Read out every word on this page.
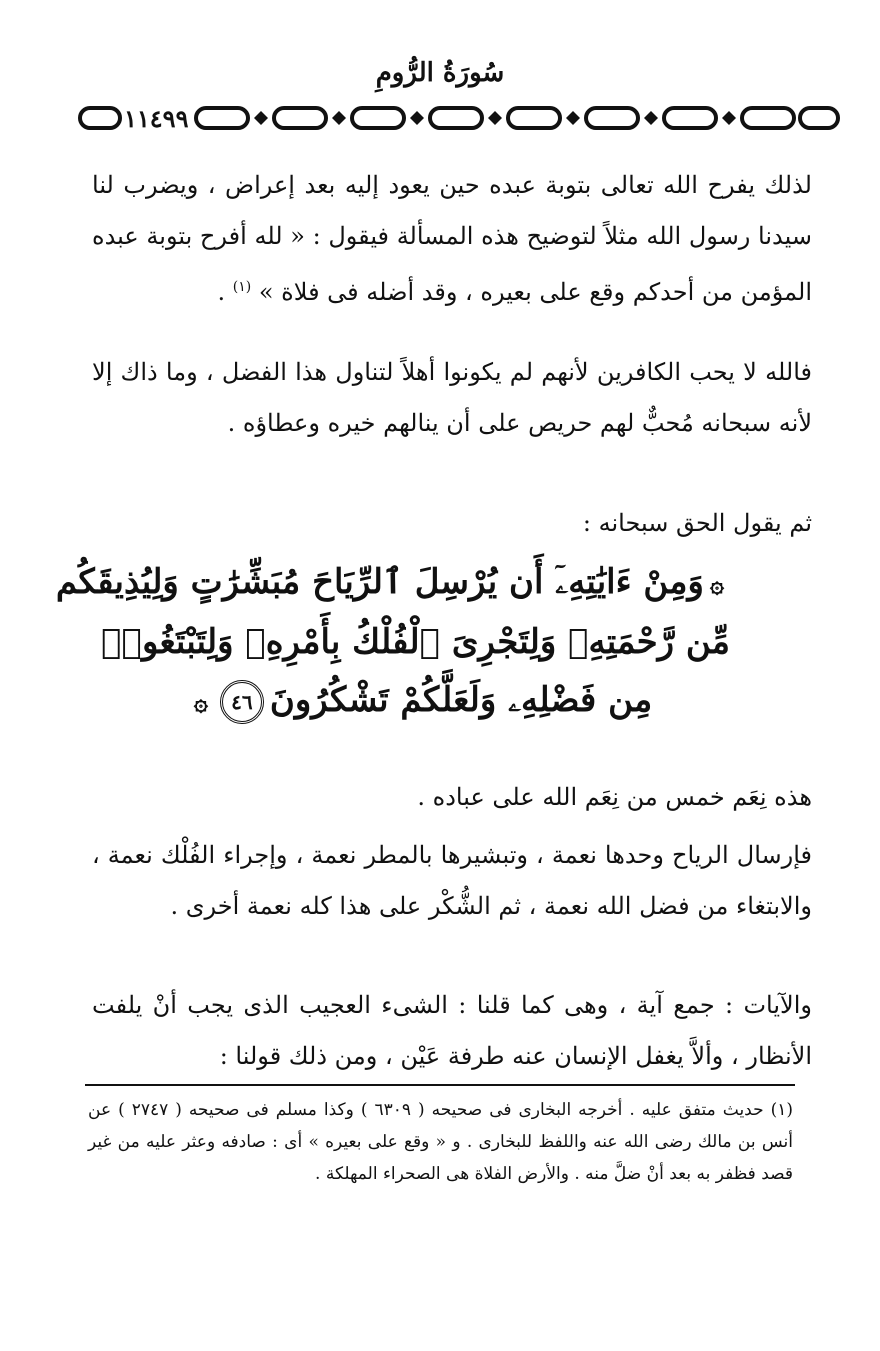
سُورَةُ الرُّومِ
١١٤٩٩

لذلك يفرح الله تعالى بتوبة عبده حين يعود إليه بعد إعراض ، ويضرب لنا سيدنا رسول الله مثلاً لتوضيح هذه المسألة فيقول : « لله أفرح بتوبة عبده المؤمن من أحدكم وقع على بعيره ، وقد أضله فى فلاة » $^{(١)}$ .

فالله لا يحب الكافرين لأنهم لم يكونوا أهلاً لتناول هذا الفضل ، وما ذاك إلا لأنه سبحانه مُحبٌّ لهم حريص على أن ينالهم خيره وعطاؤه .

ثم يقول الحق سبحانه :

۞وَمِنْ ءَايَٰتِهِۦٓ أَن يُرْسِلَ ٱلرِّيَاحَ مُبَشِّرَٰتٍ وَلِيُذِيقَكُم
مِّن رَّحْمَتِهِۦ وَلِتَجْرِىَ ٱلْفُلْكُ بِأَمْرِهِۦ وَلِتَبْتَغُوا۟
مِن فَضْلِهِۦ وَلَعَلَّكُمْ تَشْكُرُونَ٤٦۞

هذه نِعَم خمس من نِعَم الله على عباده .

فإرسال الرياح وحدها نعمة ، وتبشيرها بالمطر نعمة ، وإجراء الفُلْك نعمة ، والابتغاء من فضل الله نعمة ، ثم الشُّكْر على هذا كله نعمة أخرى .

والآيات : جمع آية ، وهى كما قلنا : الشىء العجيب الذى يجب أنْ يلفت الأنظار ، وألاَّ يغفل الإنسان عنه طرفة عَيْن ، ومن ذلك قولنا :

(١) حديث متفق عليه . أخرجه البخارى فى صحيحه ( ٦٣٠٩ ) وكذا مسلم فى صحيحه ( ٢٧٤٧ ) عن أنس بن مالك رضى الله عنه واللفظ للبخارى . و « وقع على بعيره » أى : صادفه وعثر عليه من غير قصد فظفر به بعد أنْ ضلَّ منه . والأرض الفلاة هى الصحراء المهلكة .
